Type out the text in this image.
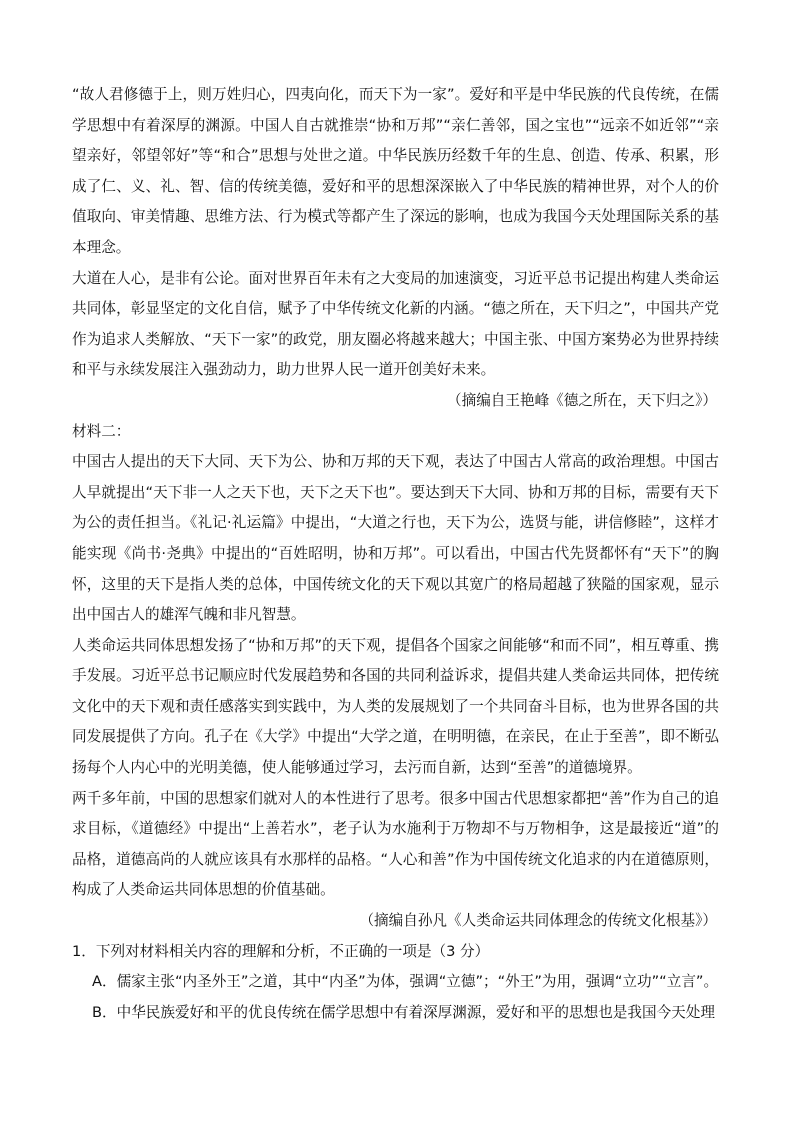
“故人君修德于上，则万姓归心，四夷向化，而天下为一家”。爱好和平是中华民族的代良传统，在儒学思想中有着深厚的渊源。中国人自古就推崇“协和万邦”“亲仁善邻，国之宝也”“远亲不如近邻”“亲望亲好，邻望邻好”等“和合”思想与处世之道。中华民族历经数千年的生息、创造、传承、积累，形成了仁、义、礼、智、信的传统美德，爱好和平的思想深深嵌入了中华民族的精神世界，对个人的价值取向、审美情趣、思维方法、行为模式等都产生了深远的影响，也成为我国今天处理国际关系的基本理念。

大道在人心，是非有公论。面对世界百年未有之大变局的加速演变，习近平总书记提出构建人类命运共同体，彰显坚定的文化自信，赋予了中华传统文化新的内涵。“德之所在，天下归之”，中国共产党作为追求人类解放、“天下一家”的政党，朋友圈必将越来越大；中国主张、中国方案势必为世界持续和平与永续发展注入强劲动力，助力世界人民一道开创美好未来。

（摘编自王艳峰《德之所在，天下归之》）

材料二：

中国古人提出的天下大同、天下为公、协和万邦的天下观，表达了中国古人常高的政治理想。中国古人早就提出“天下非一人之天下也，天下之天下也”。要达到天下大同、协和万邦的目标，需要有天下为公的责任担当。《礼记·礼运篇》中提出，“大道之行也，天下为公，选贤与能，讲信修睦”，这样才能实现《尚书·尧典》中提出的“百姓昭明，协和万邦”。可以看出，中国古代先贤都怀有“天下”的胸怀，这里的天下是指人类的总体，中国传统文化的天下观以其宽广的格局超越了狭隘的国家观，显示出中国古人的雄浑气魄和非凡智慧。

人类命运共同体思想发扬了“协和万邦”的天下观，提倡各个国家之间能够“和而不同”，相互尊重、携手发展。习近平总书记顺应时代发展趋势和各国的共同利益诉求，提倡共建人类命运共同体，把传统文化中的天下观和责任感落实到实践中，为人类的发展规划了一个共同奋斗目标，也为世界各国的共同发展提供了方向。孔子在《大学》中提出“大学之道，在明明德，在亲民，在止于至善”，即不断弘扬每个人内心中的光明美德，使人能够通过学习，去污而自新，达到“至善”的道德境界。

两千多年前，中国的思想家们就对人的本性进行了思考。很多中国古代思想家都把“善”作为自己的追求目标，《道德经》中提出“上善若水”，老子认为水施利于万物却不与万物相争，这是最接近“道”的品格，道德高尚的人就应该具有水那样的品格。“人心和善”作为中国传统文化追求的内在道德原则，构成了人类命运共同体思想的价值基础。

（摘编自孙凡《人类命运共同体理念的传统文化根基》）

1．下列对材料相关内容的理解和分析，不正确的一项是（3 分）

A．儒家主张“内圣外王”之道，其中“内圣”为体，强调“立德”；“外王”为用，强调“立功”“立言”。

B．中华民族爱好和平的优良传统在儒学思想中有着深厚渊源，爱好和平的思想也是我国今天处理
